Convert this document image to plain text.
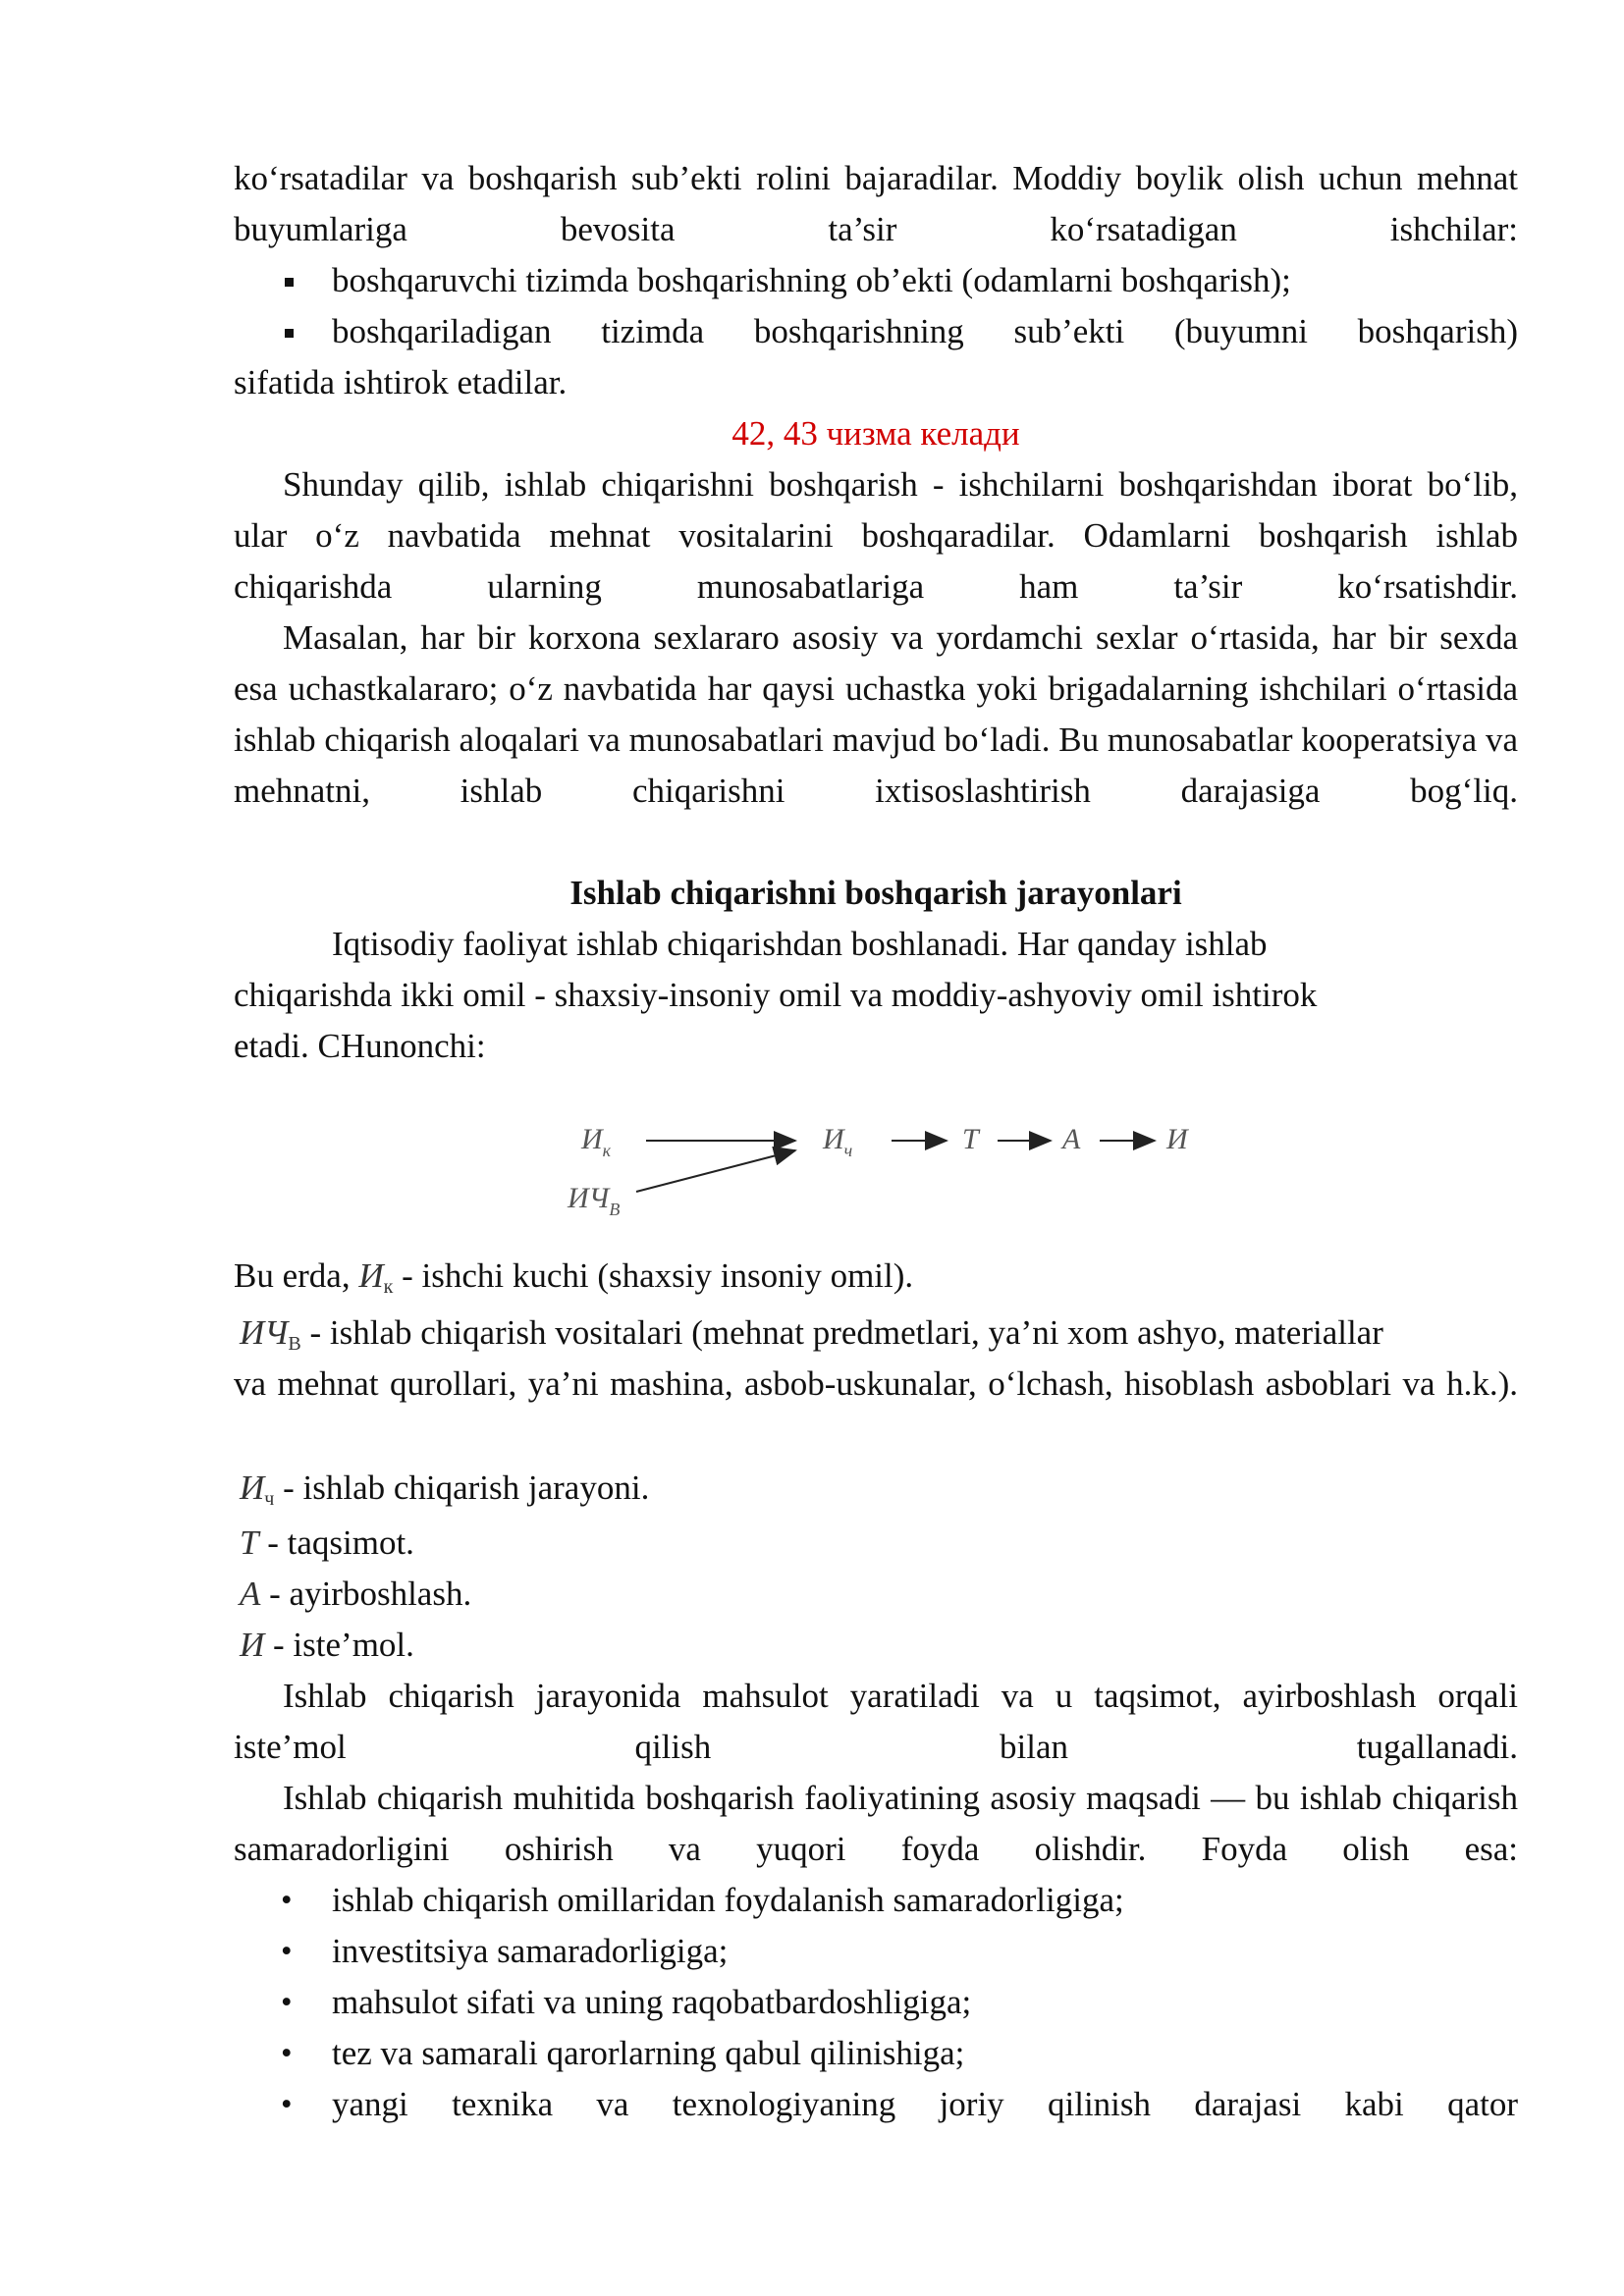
ko‘rsatadilar va boshqarish sub’ekti rolini bajaradilar. Moddiy boylik olish uchun mehnat buyumlariga bevosita ta’sir ko‘rsatadigan ishchilar:

boshqaruvchi tizimda boshqarishning ob’ekti (odamlarni boshqarish);
boshqariladigan tizimda boshqarishning sub’ekti (buyumni boshqarish)

sifatida ishtirok etadilar.

42, 43 чизма келади

Shunday qilib, ishlab chiqarishni boshqarish - ishchilarni boshqarishdan iborat bo‘lib, ular o‘z navbatida mehnat vositalarini boshqaradilar. Odamlarni boshqarish ishlab chiqarishda ularning munosabatlariga ham ta’sir ko‘rsatishdir.

Masalan, har bir korxona sexlararo asosiy va yordamchi sexlar o‘rtasida, har bir sexda esa uchastkalararo; o‘z navbatida har qaysi uchastka yoki brigadalarning ishchilari o‘rtasida ishlab chiqarish aloqalari va munosabatlari mavjud bo‘ladi. Bu munosabatlar kooperatsiya va mehnatni, ishlab chiqarishni ixtisoslashtirish darajasiga bog‘liq.

Ishlab chiqarishni boshqarish jarayonlari

Iqtisodiy faoliyat ishlab chiqarishdan boshlanadi. Har qanday ishlab

chiqarishda ikki omil - shaxsiy-insoniy omil va moddiy-ashyoviy omil ishtirok

etadi. CHunonchi:

$И_к$
$ИЧ_В$
$И_ч$	Т	А	И

Bu erda, $И_к$ - ishchi kuchi (shaxsiy insoniy omil).

$ИЧ_В$ - ishlab chiqarish vositalari (mehnat predmetlari, ya’ni xom ashyo, materiallar

va mehnat qurollari, ya’ni mashina, asbob-uskunalar, o‘lchash, hisoblash asboblari va h.k.).

$И_ч$ - ishlab chiqarish jarayoni.

Т - taqsimot.

А - ayirboshlash.

И - iste’mol.

Ishlab chiqarish jarayonida mahsulot yaratiladi va u taqsimot, ayirboshlash orqali iste’mol qilish bilan tugallanadi.

Ishlab chiqarish muhitida boshqarish faoliyatining asosiy maqsadi — bu ishlab chiqarish samaradorligini oshirish va yuqori foyda olishdir. Foyda olish esa:

• ishlab chiqarish omillaridan foydalanish samaradorligiga;

• investitsiya samaradorligiga;

• mahsulot sifati va uning raqobatbardoshligiga;

• tez va samarali qarorlarning qabul qilinishiga;

• yangi texnika va texnologiyaning joriy qilinish darajasi kabi qator
